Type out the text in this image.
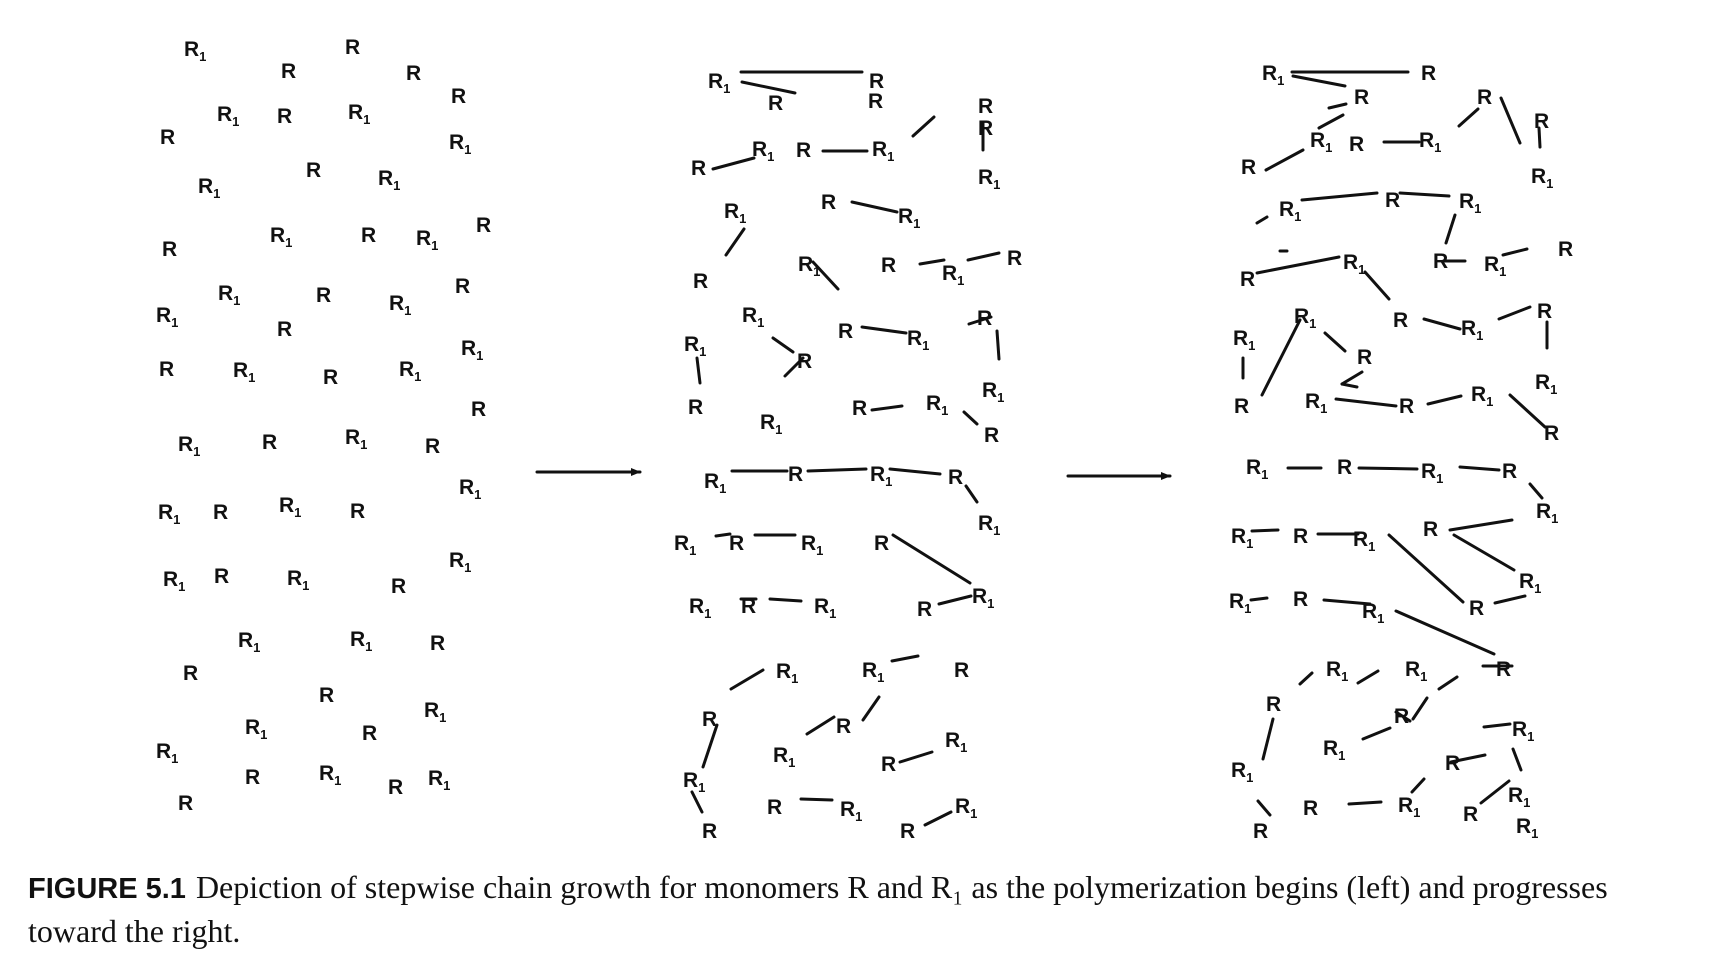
$R_1$
R
R
R
R
$R_1$ R	$R_1$
$R_1$
R
$R_1$
R	$R_1$
R
$R_1$	R $R_1$
R
$R_1$	R	$R_1$
R
$R_1$	R
R	$R_1$	R	$R_1$
$R_1$
R
$R_1$	R	$R_1$	R
$R_1$
$R_1$ R $R_1$ R
$R_1$
$R_1$ R	$R_1$	R
$R_1$	$R_1$	R
R
R
$R_1$
$R_1$	R
$R_1$
R	$R_1$ R $R_1$
R
$R_1$
R
R
R	R
R
$R_1$
R
$R_1$ R	$R_1$
R
$R_1$
$R_1$
R
$R_1$	R $R_1$
R
$R_1$	R	$R_1$
R
$R_1$	R
$R_1$
R
$R_1$
R	$R_1$
R
$R_1$
R	$R_1$	R
$R_1$
$R_1$ R	$R_1$ R
$R_1$ R	$R_1$	R
$R_1$
$R_1$	$R_1$	R
R	R
$R_1$	R
$R_1$
$R_1$
R	$R_1$
R
$R_1$
R
$R_1$	R
R	R
R
R
$R_1$ R	$R_1$
$R_1$
$R_1$
R	$R_1$
R
$R_1$	R $R_1$
R
$R_1$
$R_1$	R	$R_1$
R
R
R
$R_1$
$R_1$	R
$R_1$
R
$R_1$	R	$R_1$	R
$R_1$
$R_1$ R $R_1$
R
$R_1$
$R_1$ R
$R_1$	R
$R_1$	$R_1$	R
R
R
$R_1$
$R_1$	R
$R_1$
R	$R_1$ R
$R_1$
R	$R_1$
FIGURE 5.1 Depiction of stepwise chain growth for monomers R and R₁ as the polymerization begins (left) and progresses toward the right.
